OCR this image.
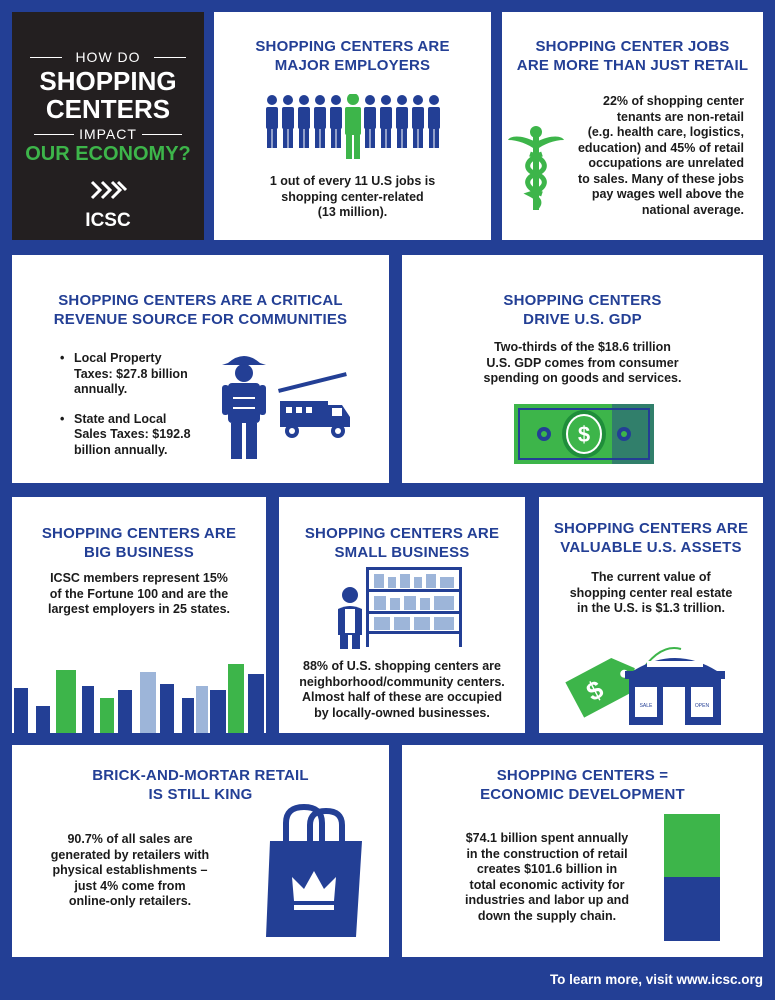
HOW DO
SHOPPING
CENTERS
IMPACT
OUR ECONOMY?
ICSC
SHOPPING CENTERS ARE
MAJOR EMPLOYERS
1 out of every 11 U.S jobs is
shopping center-related
(13 million).
SHOPPING CENTER JOBS
ARE MORE THAN JUST RETAIL
22% of shopping center
tenants are non-retail
(e.g. health care, logistics,
education) and 45% of retail
occupations are unrelated
to sales. Many of these jobs
pay wages well above the
national average.
SHOPPING CENTERS ARE A CRITICAL
REVENUE SOURCE FOR COMMUNITIES
• Local Property Taxes: $27.8 billion annually.
• State and Local Sales Taxes: $192.8 billion annually.
SHOPPING CENTERS
DRIVE U.S. GDP
Two-thirds of the $18.6 trillion
U.S. GDP comes from consumer
spending on goods and services.
$
SHOPPING CENTERS ARE
BIG BUSINESS
ICSC members represent 15%
of the Fortune 100 and are the
largest employers in 25 states.
SHOPPING CENTERS ARE
SMALL BUSINESS
88% of U.S. shopping centers are
neighborhood/community centers.
Almost half of these are occupied
by locally-owned businesses.
SHOPPING CENTERS ARE
VALUABLE U.S. ASSETS
The current value of
shopping center real estate
in the U.S. is $1.3 trillion.
$	SALE	OPEN
BRICK-AND-MORTAR RETAIL
IS STILL KING
90.7% of all sales are
generated by retailers with
physical establishments –
just 4% come from
online-only retailers.
SHOPPING CENTERS =
ECONOMIC DEVELOPMENT
$74.1 billion spent annually
in the construction of retail
creates $101.6 billion in
total economic activity for
industries and labor up and
down the supply chain.
To learn more, visit www.icsc.org
